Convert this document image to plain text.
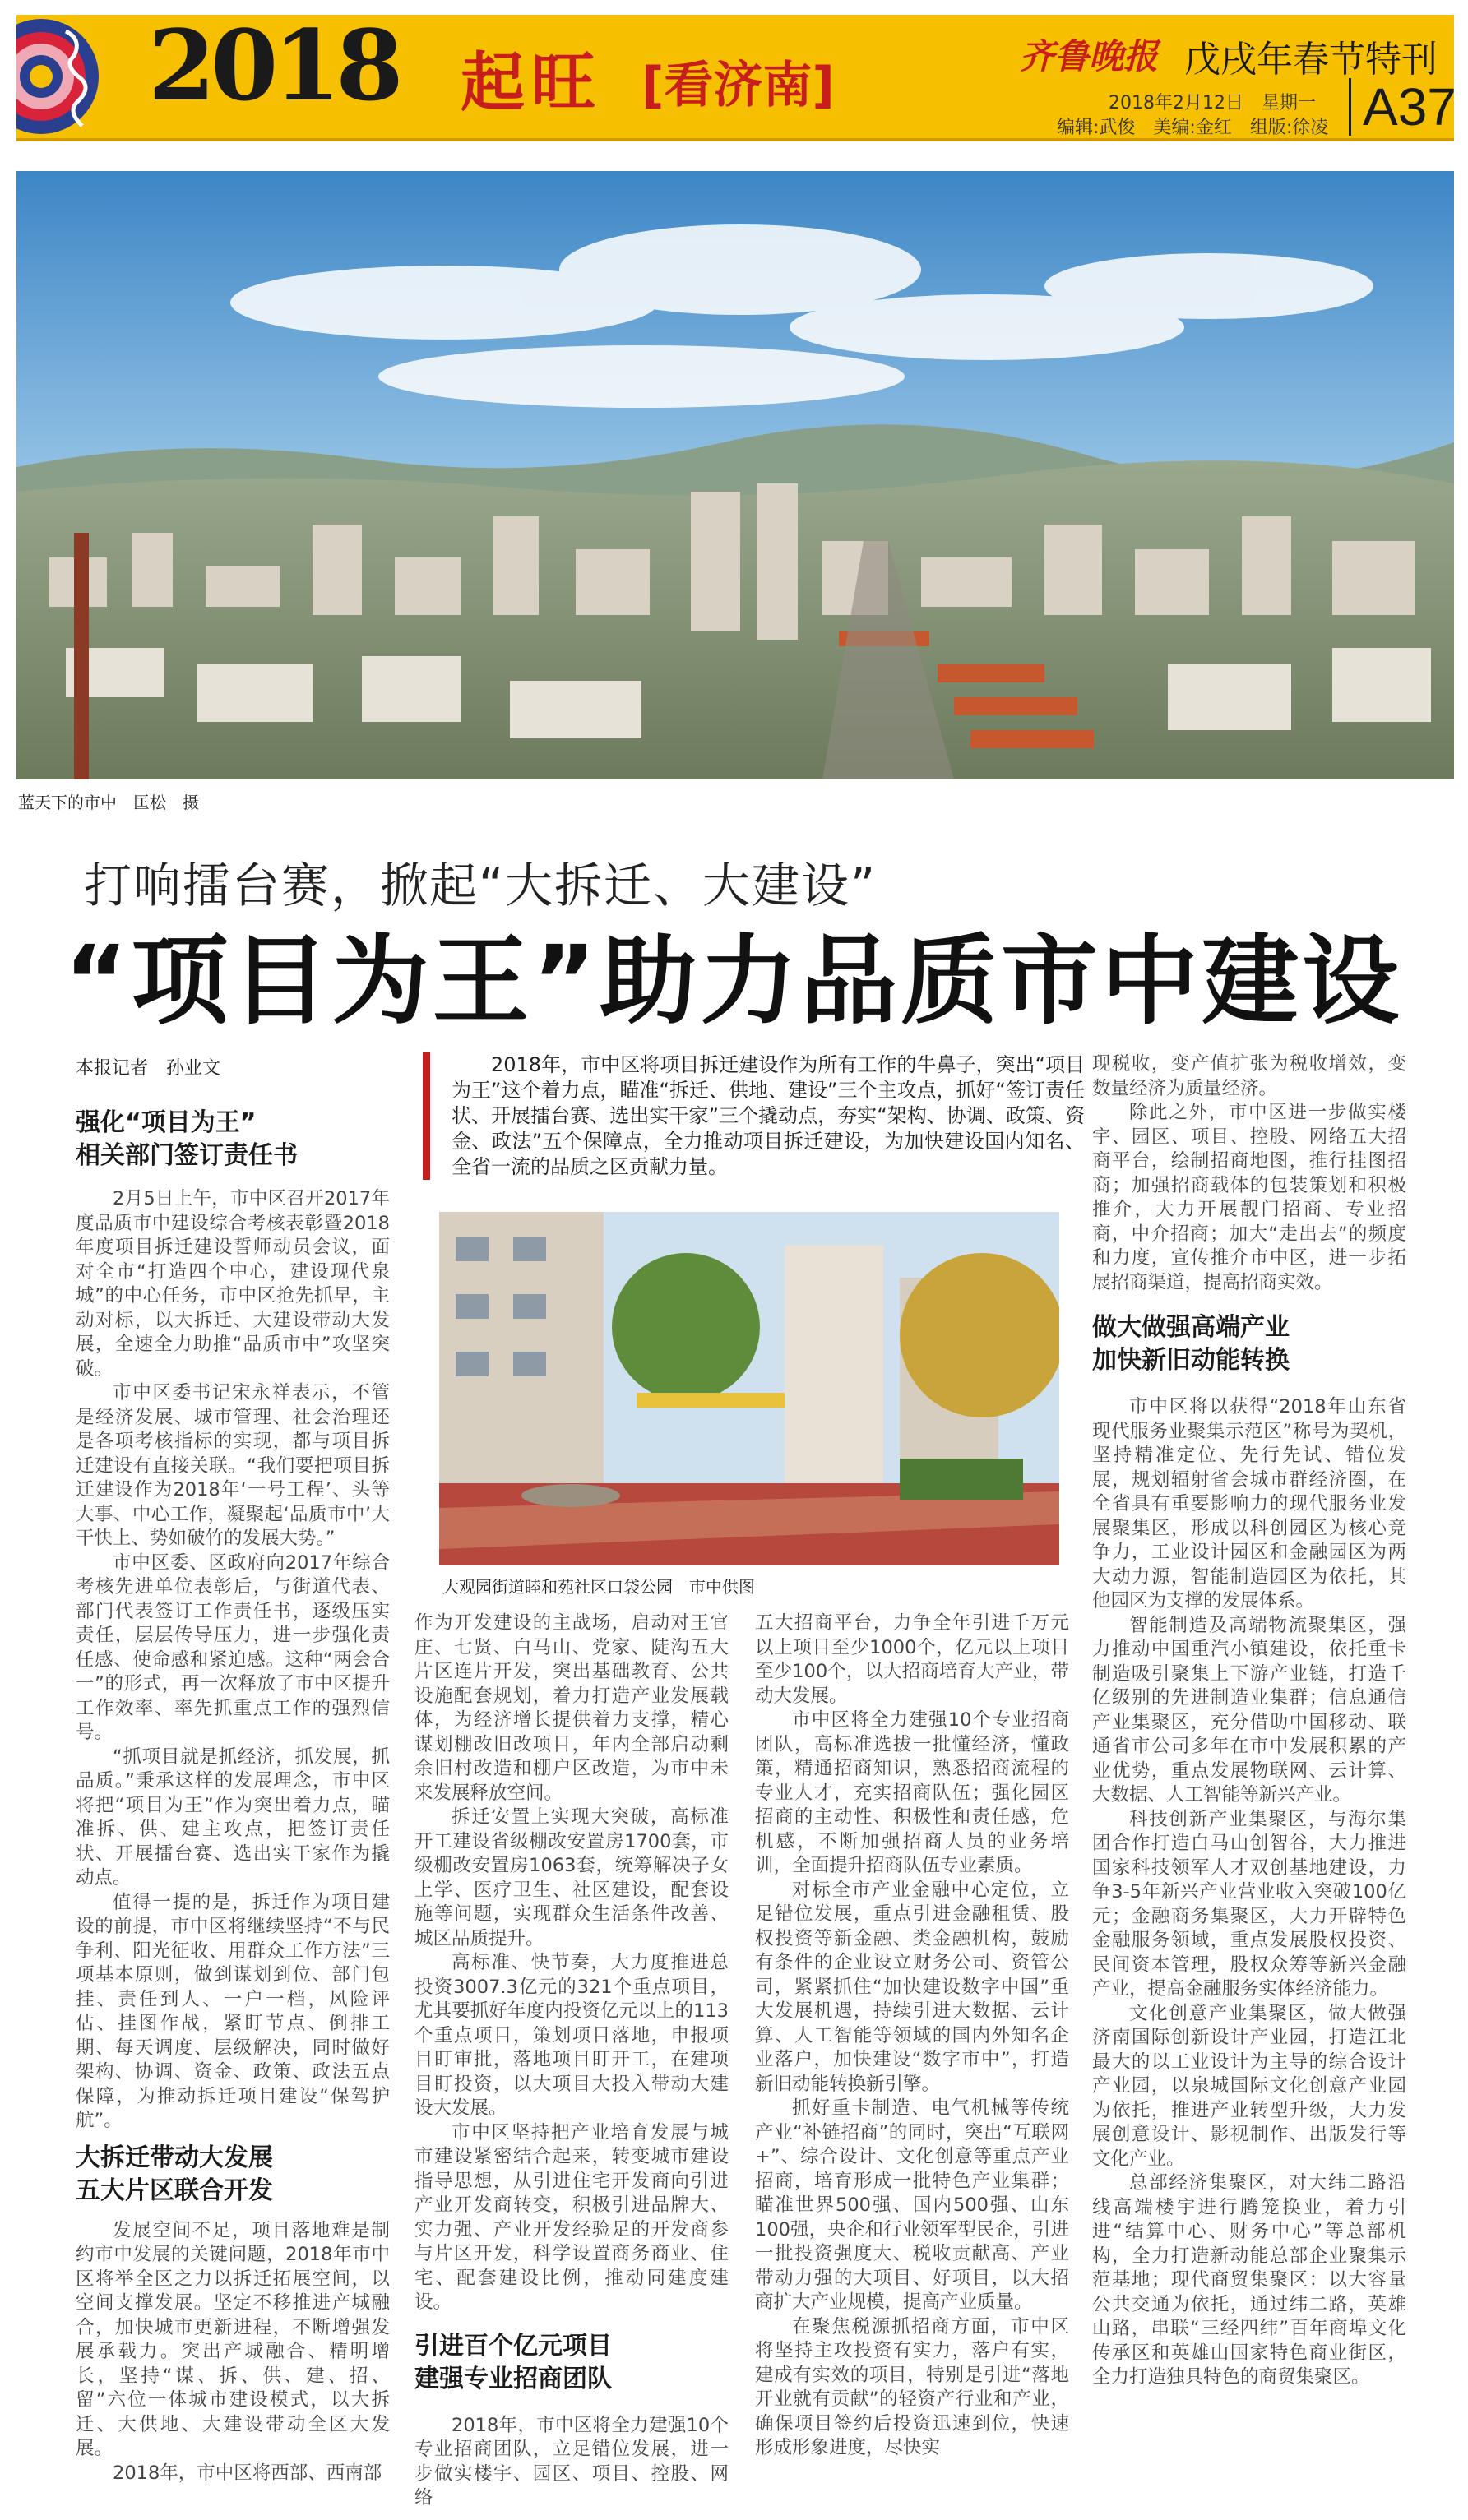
2018 起旺 [看济南]
齐鲁晚报 戊戌年春节特刊
2018年2月12日　星期一
编辑:武俊　美编:金红　组版:徐凌 A37
蓝天下的市中　匡松　摄
打响擂台赛，掀起“大拆迁、大建设”
“项目为王”助力品质市中建设
本报记者　孙业文
强化“项目为王”
相关部门签订责任书

2月5日上午，市中区召开2017年度品质市中建设综合考核表彰暨2018年度项目拆迁建设誓师动员会议，面对全市“打造四个中心，建设现代泉城”的中心任务，市中区抢先抓早，主动对标，以大拆迁、大建设带动大发展，全速全力助推“品质市中”攻坚突破。

市中区委书记宋永祥表示，不管是经济发展、城市管理、社会治理还是各项考核指标的实现，都与项目拆迁建设有直接关联。“我们要把项目拆迁建设作为2018年‘一号工程’、头等大事、中心工作，凝聚起‘品质市中’大干快上、势如破竹的发展大势。”

市中区委、区政府向2017年综合考核先进单位表彰后，与街道代表、部门代表签订工作责任书，逐级压实责任，层层传导压力，进一步强化责任感、使命感和紧迫感。这种“两会合一”的形式，再一次释放了市中区提升工作效率、率先抓重点工作的强烈信号。

“抓项目就是抓经济，抓发展，抓品质。”秉承这样的发展理念，市中区将把“项目为王”作为突出着力点，瞄准拆、供、建主攻点，把签订责任状、开展擂台赛、选出实干家作为撬动点。

值得一提的是，拆迁作为项目建设的前提，市中区将继续坚持“不与民争利、阳光征收、用群众工作方法”三项基本原则，做到谋划到位、部门包挂、责任到人、一户一档，风险评估、挂图作战，紧盯节点、倒排工期、每天调度、层级解决，同时做好架构、协调、资金、政策、政法五点保障，为推动拆迁项目建设“保驾护航”。

大拆迁带动大发展
五大片区联合开发

发展空间不足，项目落地难是制约市中发展的关键问题，2018年市中区将举全区之力以拆迁拓展空间，以空间支撑发展。坚定不移推进产城融合，加快城市更新进程，不断增强发展承载力。突出产城融合、精明增长，坚持“谋、拆、供、建、招、留”六位一体城市建设模式，以大拆迁、大供地、大建设带动全区大发展。

2018年，市中区将西部、西南部

2018年，市中区将项目拆迁建设作为所有工作的牛鼻子，突出“项目为王”这个着力点，瞄准“拆迁、供地、建设”三个主攻点，抓好“签订责任状、开展擂台赛、选出实干家”三个撬动点，夯实“架构、协调、政策、资金、政法”五个保障点，全力推动项目拆迁建设，为加快建设国内知名、全省一流的品质之区贡献力量。

大观园街道睦和苑社区口袋公园　市中供图

作为开发建设的主战场，启动对王官庄、七贤、白马山、党家、陡沟五大片区连片开发，突出基础教育、公共设施配套规划，着力打造产业发展载体，为经济增长提供着力支撑，精心谋划棚改旧改项目，年内全部启动剩余旧村改造和棚户区改造，为市中未来发展释放空间。

拆迁安置上实现大突破，高标准开工建设省级棚改安置房1700套，市级棚改安置房1063套，统筹解决子女上学、医疗卫生、社区建设，配套设施等问题，实现群众生活条件改善、城区品质提升。

高标准、快节奏，大力度推进总投资3007.3亿元的321个重点项目，尤其要抓好年度内投资亿元以上的113个重点项目，策划项目落地，申报项目盯审批，落地项目盯开工，在建项目盯投资，以大项目大投入带动大建设大发展。

市中区坚持把产业培育发展与城市建设紧密结合起来，转变城市建设指导思想，从引进住宅开发商向引进产业开发商转变，积极引进品牌大、实力强、产业开发经验足的开发商参与片区开发，科学设置商务商业、住宅、配套建设比例，推动同建度建设。

引进百个亿元项目
建强专业招商团队

2018年，市中区将全力建强10个专业招商团队，立足错位发展，进一步做实楼宇、园区、项目、控股、网络

五大招商平台，力争全年引进千万元以上项目至少1000个，亿元以上项目至少100个，以大招商培育大产业，带动大发展。

市中区将全力建强10个专业招商团队，高标准选拔一批懂经济，懂政策，精通招商知识，熟悉招商流程的专业人才，充实招商队伍；强化园区招商的主动性、积极性和责任感，危机感，不断加强招商人员的业务培训，全面提升招商队伍专业素质。

对标全市产业金融中心定位，立足错位发展，重点引进金融租赁、股权投资等新金融、类金融机构，鼓励有条件的企业设立财务公司、资管公司，紧紧抓住“加快建设数字中国”重大发展机遇，持续引进大数据、云计算、人工智能等领域的国内外知名企业落户，加快建设“数字市中”，打造新旧动能转换新引擎。

抓好重卡制造、电气机械等传统产业“补链招商”的同时，突出“互联网+”、综合设计、文化创意等重点产业招商，培育形成一批特色产业集群；瞄准世界500强、国内500强、山东100强，央企和行业领军型民企，引进一批投资强度大、税收贡献高、产业带动力强的大项目、好项目，以大招商扩大产业规模，提高产业质量。

在聚焦税源抓招商方面，市中区将坚持主攻投资有实力，落户有实，建成有实效的项目，特别是引进“落地开业就有贡献”的轻资产行业和产业，确保项目签约后投资迅速到位，快速形成形象进度，尽快实

现税收，变产值扩张为税收增效，变数量经济为质量经济。

除此之外，市中区进一步做实楼宇、园区、项目、控股、网络五大招商平台，绘制招商地图，推行挂图招商；加强招商载体的包装策划和积极推介，大力开展靓门招商、专业招商，中介招商；加大“走出去”的频度和力度，宣传推介市中区，进一步拓展招商渠道，提高招商实效。

做大做强高端产业
加快新旧动能转换

市中区将以获得“2018年山东省现代服务业聚集示范区”称号为契机，坚持精准定位、先行先试、错位发展，规划辐射省会城市群经济圈，在全省具有重要影响力的现代服务业发展聚集区，形成以科创园区为核心竞争力，工业设计园区和金融园区为两大动力源，智能制造园区为依托，其他园区为支撑的发展体系。

智能制造及高端物流聚集区，强力推动中国重汽小镇建设，依托重卡制造吸引聚集上下游产业链，打造千亿级别的先进制造业集群；信息通信产业集聚区，充分借助中国移动、联通省市公司多年在市中发展积累的产业优势，重点发展物联网、云计算、大数据、人工智能等新兴产业。

科技创新产业集聚区，与海尔集团合作打造白马山创智谷，大力推进国家科技领军人才双创基地建设，力争3-5年新兴产业营业收入突破100亿元；金融商务集聚区，大力开辟特色金融服务领域，重点发展股权投资、民间资本管理，股权众筹等新兴金融产业，提高金融服务实体经济能力。

文化创意产业集聚区，做大做强济南国际创新设计产业园，打造江北最大的以工业设计为主导的综合设计产业园，以泉城国际文化创意产业园为依托，推进产业转型升级，大力发展创意设计、影视制作、出版发行等文化产业。

总部经济集聚区，对大纬二路沿线高端楼宇进行腾笼换业，着力引进“结算中心、财务中心”等总部机构，全力打造新动能总部企业聚集示范基地；现代商贸集聚区：以大容量公共交通为依托，通过纬二路，英雄山路，串联“三经四纬”百年商埠文化传承区和英雄山国家特色商业街区，全力打造独具特色的商贸集聚区。
